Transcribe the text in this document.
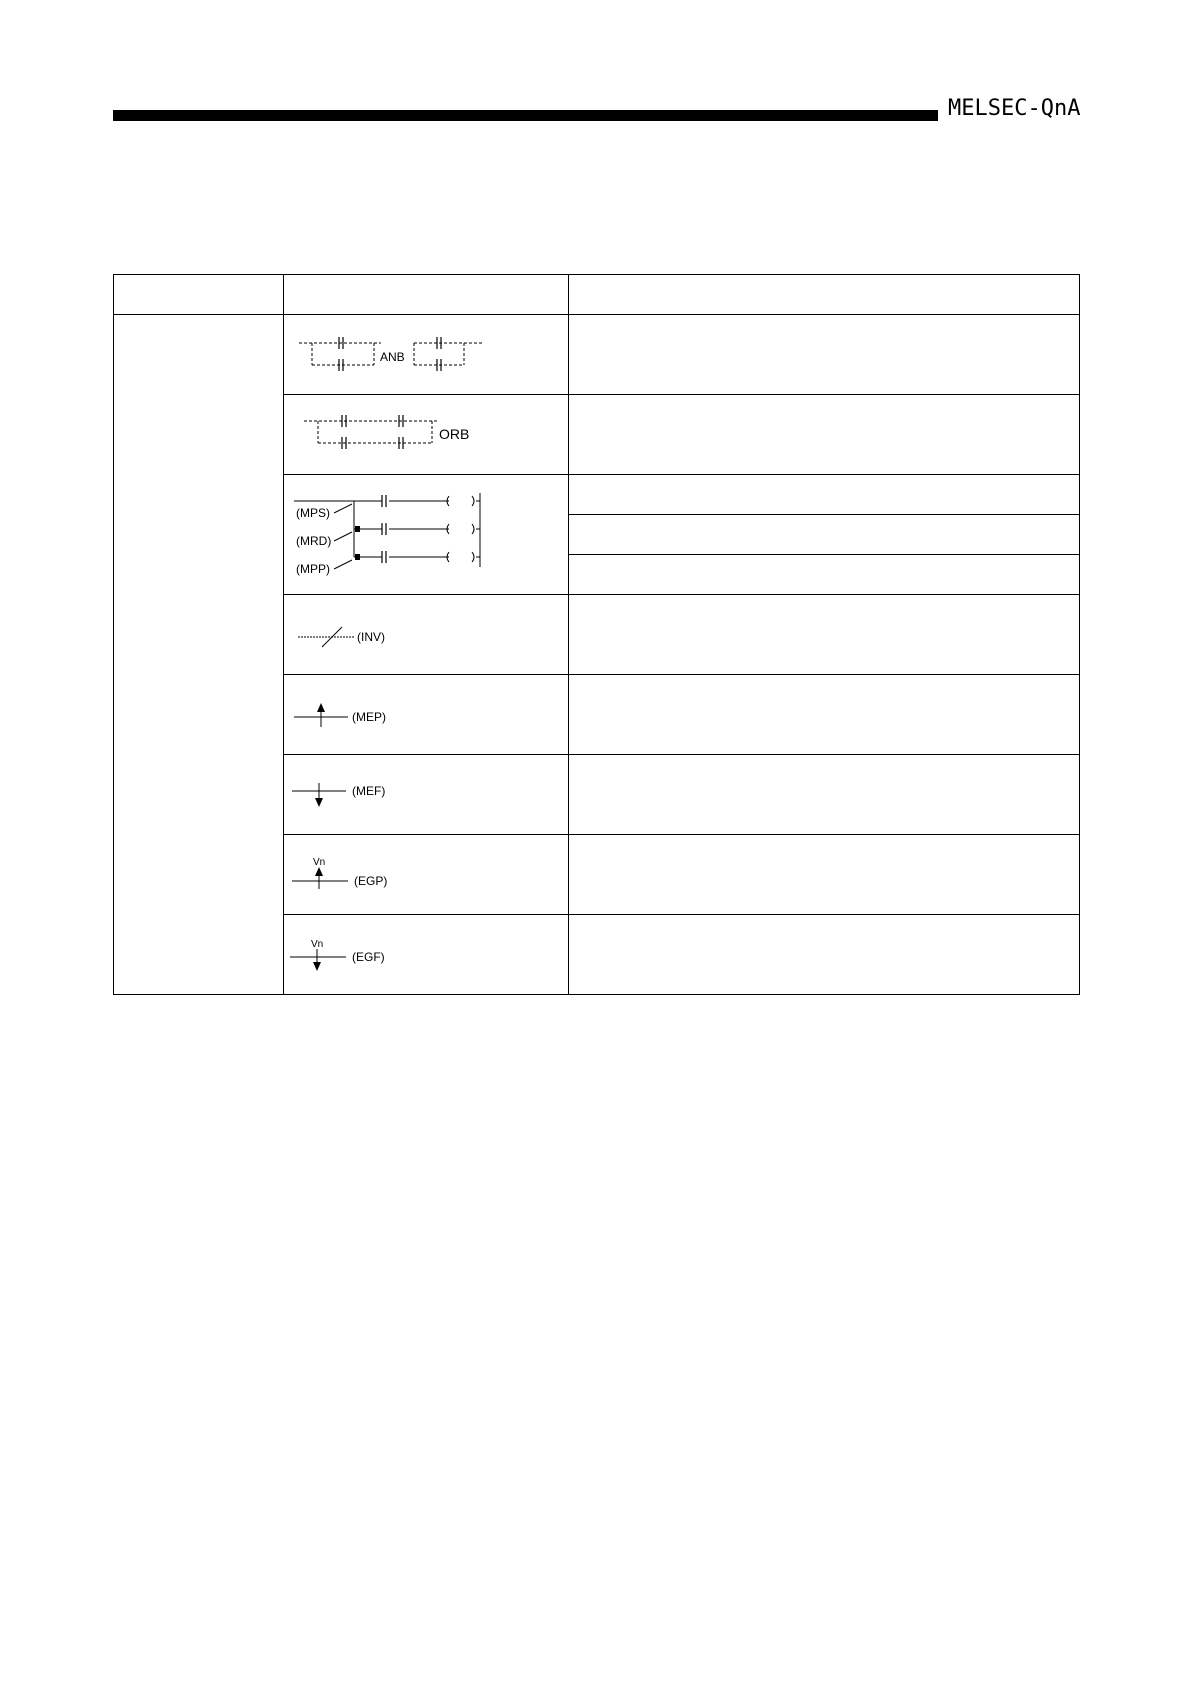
MELSEC-QnA

ANB	

ORB	

(MPS)
(MRD)
(MPP)	

(INV)	

(MEP)	

(MEF)	

Vn
(EGP)	

Vn
(EGF)	
